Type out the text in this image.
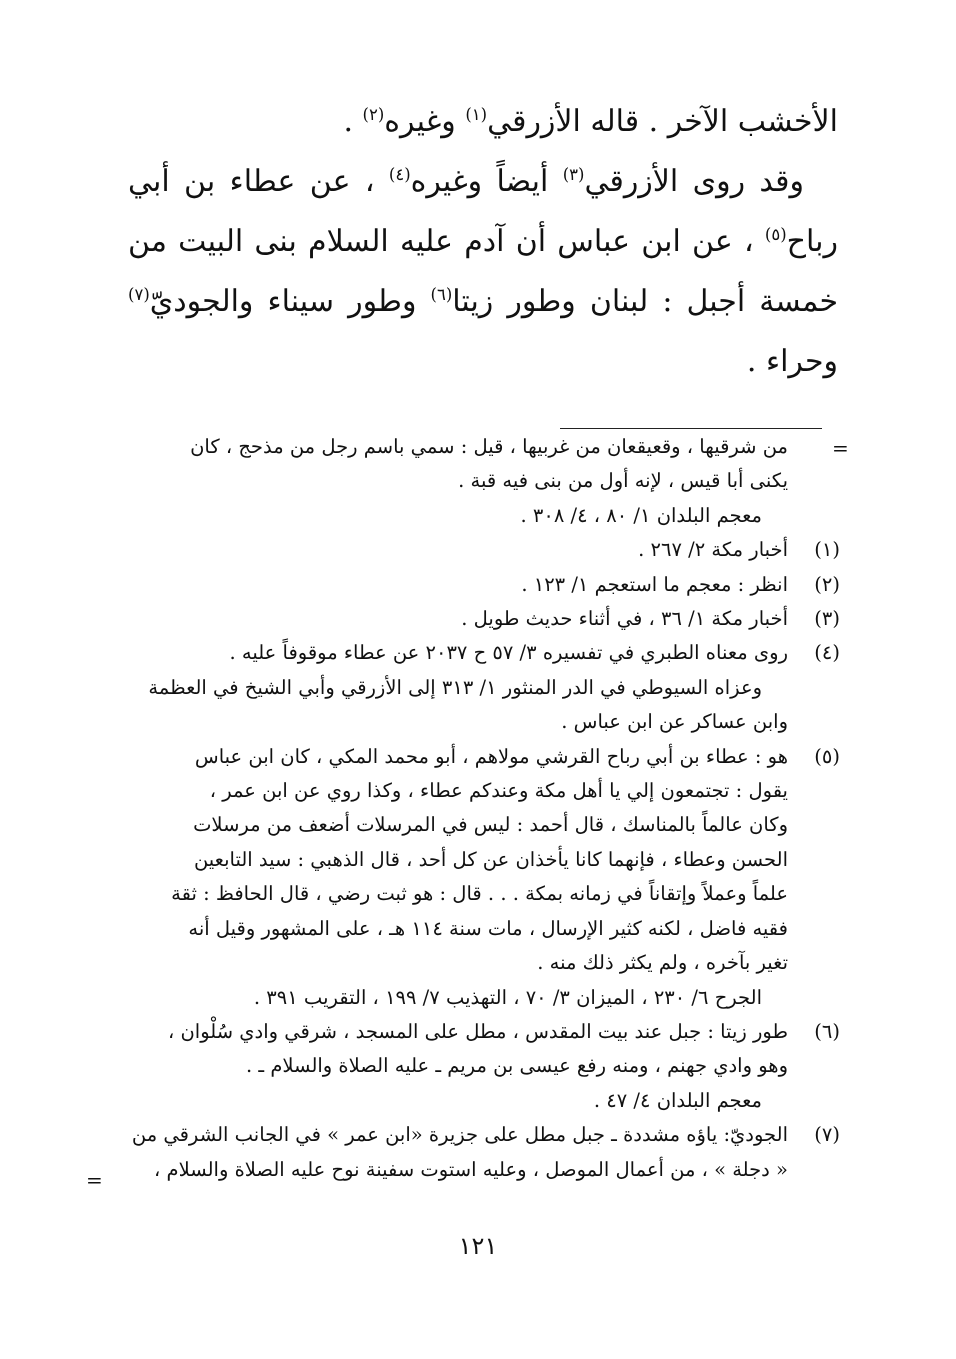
الأخشب الآخر . قاله الأزرقي$^{(١)}$ وغيره$^{(٢)}$ .

وقد روى الأزرقي$^{(٣)}$ أيضاً وغيره$^{(٤)}$ ، عن عطاء بن أبي رباح$^{(٥)}$ ، عن ابن عباس أن آدم عليه السلام بنى البيت من خمسة أجبل : لبنان وطور زيتا$^{(٦)}$ وطور سيناء والجوديّ$^{(٧)}$ وحراء .

=
من شرقيها ، وقعيقعان من غربيها ، قيل : سمي باسم رجل من مذحج ، كان
يكنى أبا قيس ، لإنه أول من بنى فيه قبة .
معجم البلدان ١/ ٨٠ ، ٤/ ٣٠٨ .
(١)
أخبار مكة ٢/ ٢٦٧ .
(٢)
انظر : معجم ما استعجم ١/ ١٢٣ .
(٣)
أخبار مكة ١/ ٣٦ ، في أثناء حديث طويل .
(٤)
روى معناه الطبري في تفسيره ٣/ ٥٧ ح ٢٠٣٧ عن عطاء موقوفاً عليه .
وعزاه السيوطي في الدر المنثور ١/ ٣١٣ إلى الأزرقي وأبي الشيخ في العظمة
وابن عساكر عن ابن عباس .
(٥)
هو : عطاء بن أبي رباح القرشي مولاهم ، أبو محمد المكي ، كان ابن عباس
يقول : تجتمعون إلي يا أهل مكة وعندكم عطاء ، وكذا روي عن ابن عمر ،
وكان عالماً بالمناسك ، قال أحمد : ليس في المرسلات أضعف من مرسلات
الحسن وعطاء ، فإنهما كانا يأخذان عن كل أحد ، قال الذهبي : سيد التابعين
علماً وعملاً وإتقاناً في زمانه بمكة . . . قال : هو ثبت رضي ، قال الحافظ : ثقة
فقيه فاضل ، لكنه كثير الإرسال ، مات سنة ١١٤ هـ ، على المشهور وقيل أنه
تغير بآخره ، ولم يكثر ذلك منه .
الجرح ٦/ ٢٣٠ ، الميزان ٣/ ٧٠ ، التهذيب ٧/ ١٩٩ ، التقريب ٣٩١ .
(٦)
طور زيتا : جبل عند بيت المقدس ، مطل على المسجد ، شرقي وادي سُلْوان ،
وهو وادي جهنم ، ومنه رفع عيسى بن مريم ـ عليه الصلاة والسلام ـ .
معجم البلدان ٤/ ٤٧ .
(٧)
الجوديّ: ياؤه مشددة ـ جبل مطل على جزيرة «ابن عمر » في الجانب الشرقي من
« دجلة » ، من أعمال الموصل ، وعليه استوت سفينة نوح عليه الصلاة والسلام ،
=
١٢١
